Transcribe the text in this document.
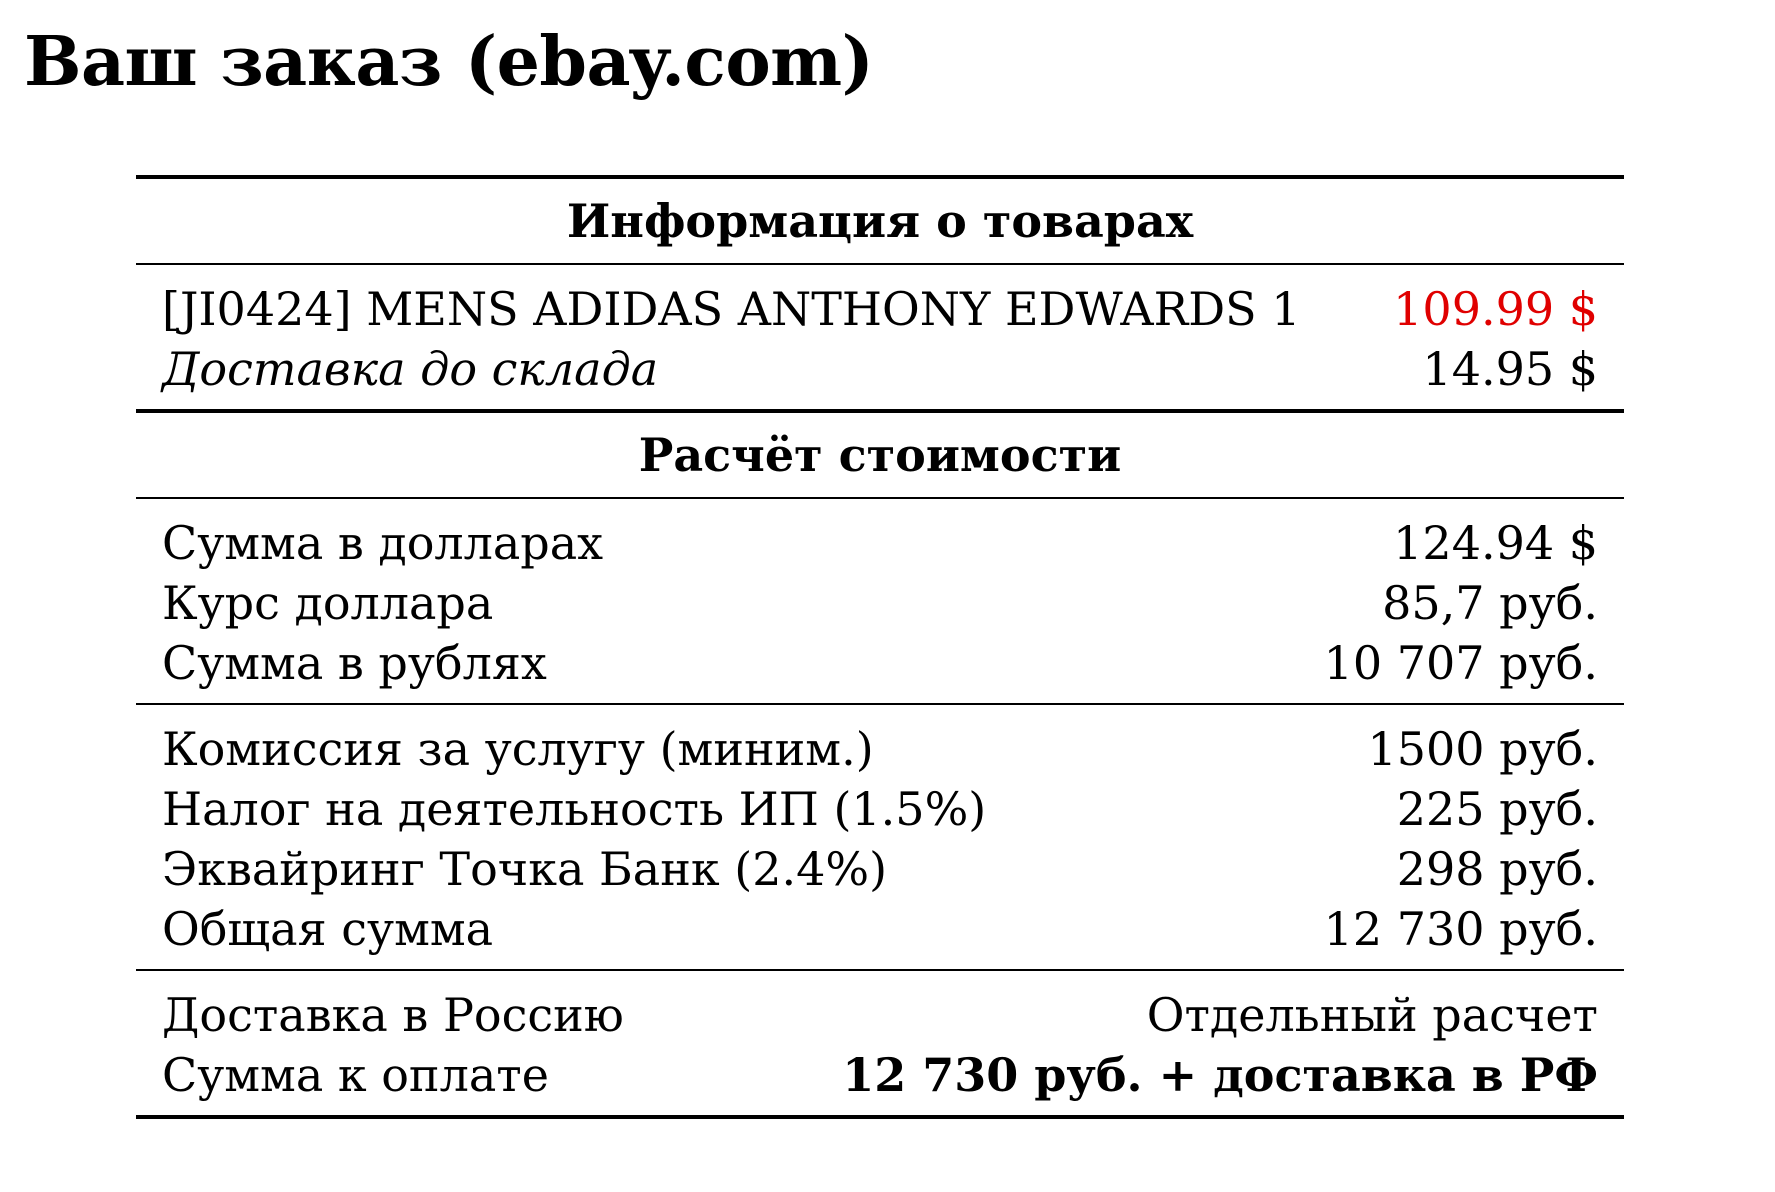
Ваш заказ (ebay.com)
Информация о товарах
[JI0424] MENS ADIDAS ANTHONY EDWARDS 1	109.99 $
Доставка до склада	14.95 $
Расчёт стоимости
Сумма в долларах	124.94 $
Курс доллара	85,7 руб.
Сумма в рублях	10 707 руб.
Комиссия за услугу (миним.)	1500 руб.
Налог на деятельность ИП (1.5%)	225 руб.
Эквайринг Точка Банк (2.4%)	298 руб.
Общая сумма	12 730 руб.
Доставка в Россию	Отдельный расчет
Сумма к оплате	12 730 руб. + доставка в РФ
